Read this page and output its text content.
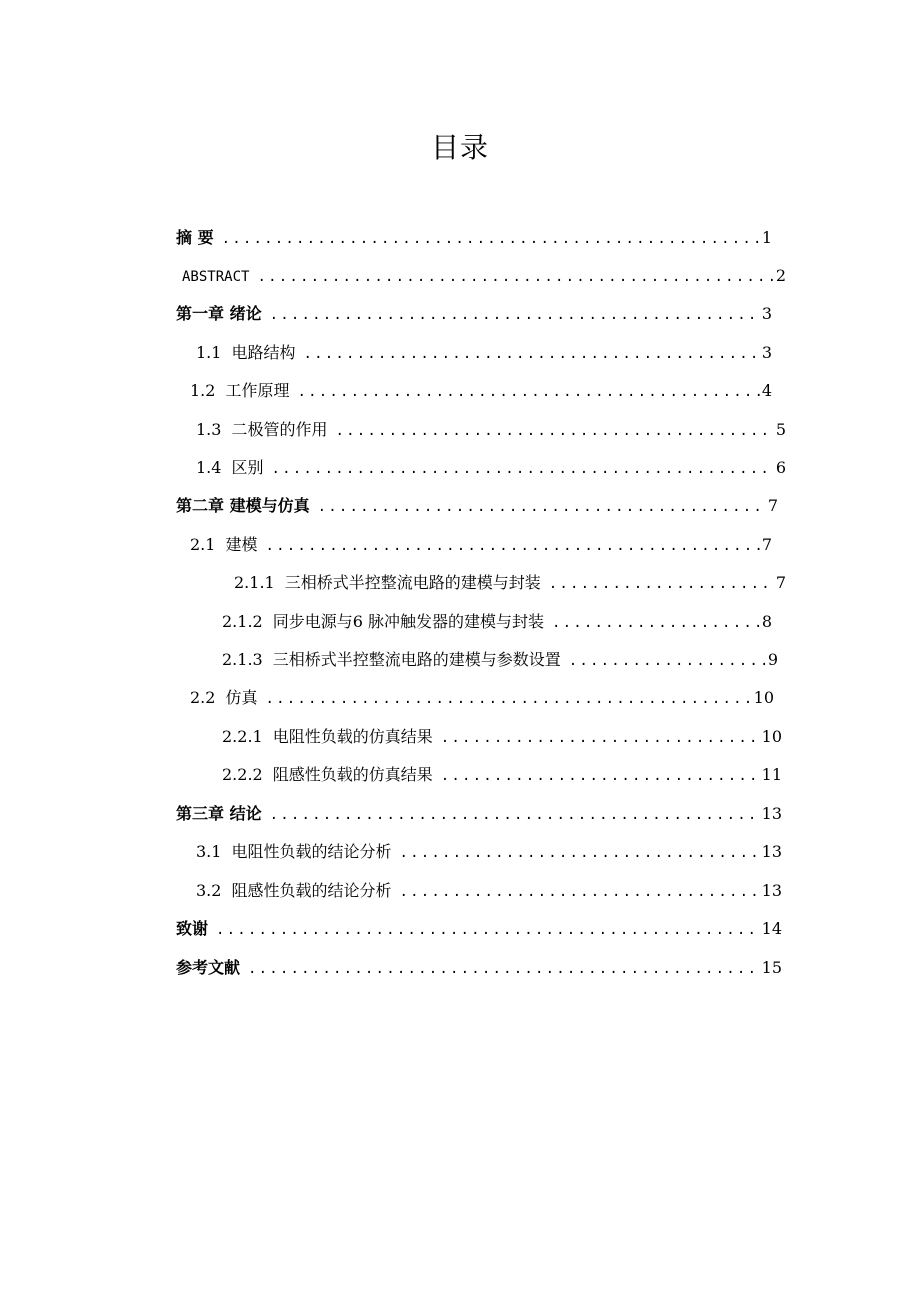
目录
摘 要 .....	1
ABSTRACT .....	2
第一章 绪论 .....	3
1.1 电路结构 .....	3
1.2 工作原理 .....	4
1.3 二极管的作用 .....	5
1.4 区别 .....	6
第二章 建模与仿真 .....	7
2.1 建模 .....	7
2.1.1 三相桥式半控整流电路的建模与封装 .....	7
2.1.2 同步电源与6 脉冲触发器的建模与封装 .....	8
2.1.3 三相桥式半控整流电路的建模与参数设置 .....	9
2.2 仿真 .....	10
2.2.1 电阻性负载的仿真结果 .....	10
2.2.2 阻感性负载的仿真结果 .....	11
第三章 结论 .....	13
3.1 电阻性负载的结论分析 .....	13
3.2 阻感性负载的结论分析 .....	13
致谢 .....	14
参考文献 .....	15
